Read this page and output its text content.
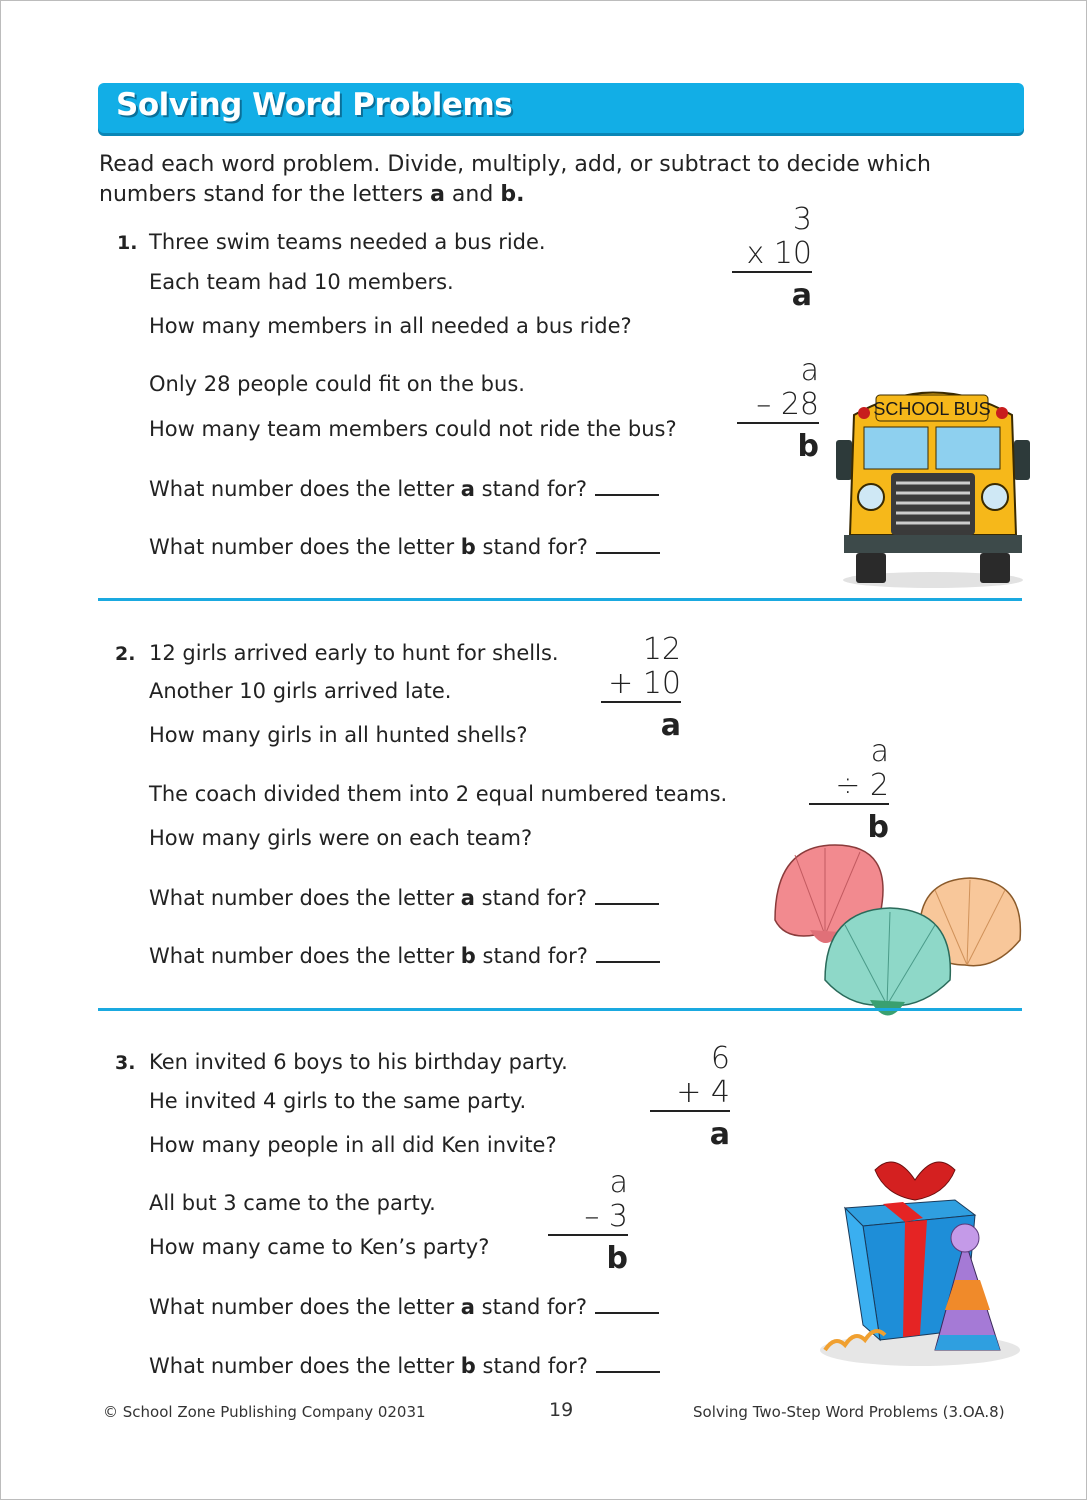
Solving Word Problems
Read each word problem. Divide, multiply, add, or subtract to decide which numbers stand for the letters a and b.
1. Three swim teams needed a bus ride.
Each team had 10 members.
How many members in all needed a bus ride?
3
x 10
a
Only 28 people could fit on the bus.
How many team members could not ride the bus?
a
– 28
b
What number does the letter a stand for?
What number does the letter b stand for?
SCHOOL BUS
2. 12 girls arrived early to hunt for shells.
Another 10 girls arrived late.
How many girls in all hunted shells?
12
+ 10
a
The coach divided them into 2 equal numbered teams.
How many girls were on each team?
a
÷ 2
b
What number does the letter a stand for?
What number does the letter b stand for?
3. Ken invited 6 boys to his birthday party.
He invited 4 girls to the same party.
How many people in all did Ken invite?
6
+ 4
a
All but 3 came to the party.
How many came to Ken’s party?
a
– 3
b
What number does the letter a stand for?
What number does the letter b stand for?
© School Zone Publishing Company 02031	19	Solving Two-Step Word Problems (3.OA.8)
